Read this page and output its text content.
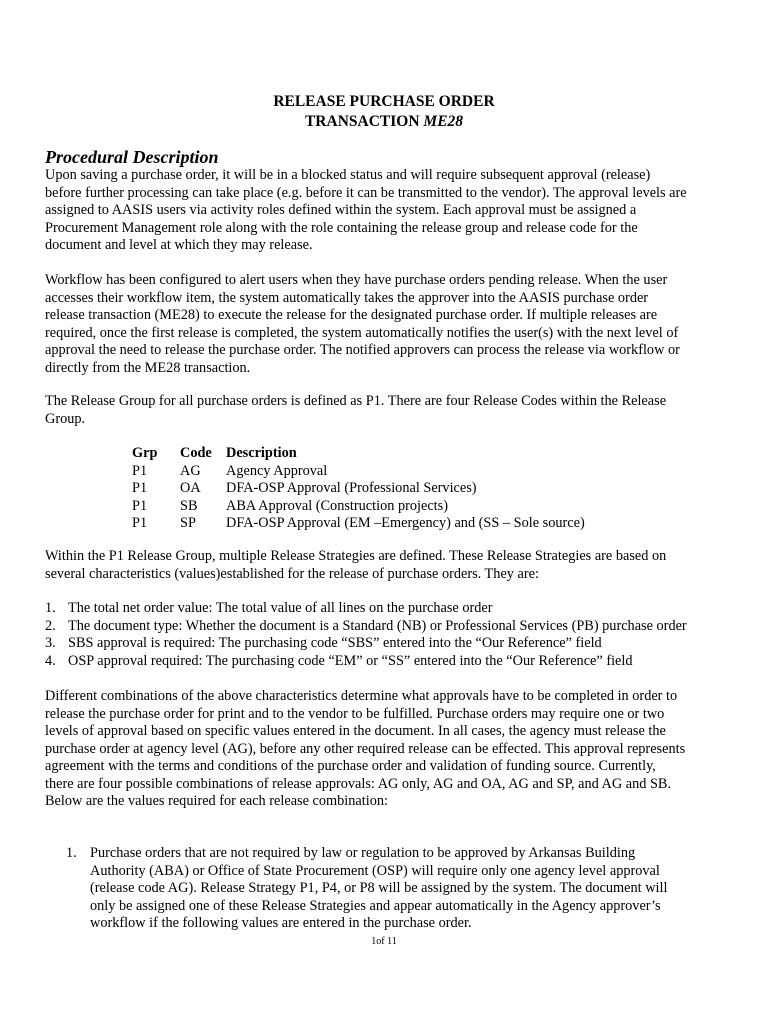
RELEASE PURCHASE ORDER
TRANSACTION ME28
Procedural Description
Upon saving a purchase order, it will be in a blocked status and will require subsequent approval (release)
before further processing can take place (e.g. before it can be transmitted to the vendor). The approval levels are
assigned to AASIS users via activity roles defined within the system. Each approval must be assigned a
Procurement Management role along with the role containing the release group and release code for the
document and level at which they may release.
Workflow has been configured to alert users when they have purchase orders pending release. When the user
accesses their workflow item, the system automatically takes the approver into the AASIS purchase order
release transaction (ME28) to execute the release for the designated purchase order. If multiple releases are
required, once the first release is completed, the system automatically notifies the user(s) with the next level of
approval the need to release the purchase order. The notified approvers can process the release via workflow or
directly from the ME28 transaction.
The Release Group for all purchase orders is defined as P1. There are four Release Codes within the Release
Group.
Grp	Code	Description
P1	AG	Agency Approval
P1	OA	DFA-OSP Approval (Professional Services)
P1	SB	ABA Approval (Construction projects)
P1	SP	DFA-OSP Approval (EM –Emergency) and (SS – Sole source)
Within the P1 Release Group, multiple Release Strategies are defined. These Release Strategies are based on
several characteristics (values)established for the release of purchase orders. They are:
1. The total net order value: The total value of all lines on the purchase order
2. The document type: Whether the document is a Standard (NB) or Professional Services (PB) purchase order
3. SBS approval is required: The purchasing code “SBS” entered into the “Our Reference” field
4. OSP approval required: The purchasing code “EM” or “SS” entered into the “Our Reference” field
Different combinations of the above characteristics determine what approvals have to be completed in order to
release the purchase order for print and to the vendor to be fulfilled. Purchase orders may require one or two
levels of approval based on specific values entered in the document. In all cases, the agency must release the
purchase order at agency level (AG), before any other required release can be effected. This approval represents
agreement with the terms and conditions of the purchase order and validation of funding source. Currently,
there are four possible combinations of release approvals: AG only, AG and OA, AG and SP, and AG and SB.
Below are the values required for each release combination:
1. Purchase orders that are not required by law or regulation to be approved by Arkansas Building
Authority (ABA) or Office of State Procurement (OSP) will require only one agency level approval
(release code AG). Release Strategy P1, P4, or P8 will be assigned by the system. The document will
only be assigned one of these Release Strategies and appear automatically in the Agency approver’s
workflow if the following values are entered in the purchase order.
1of 11
